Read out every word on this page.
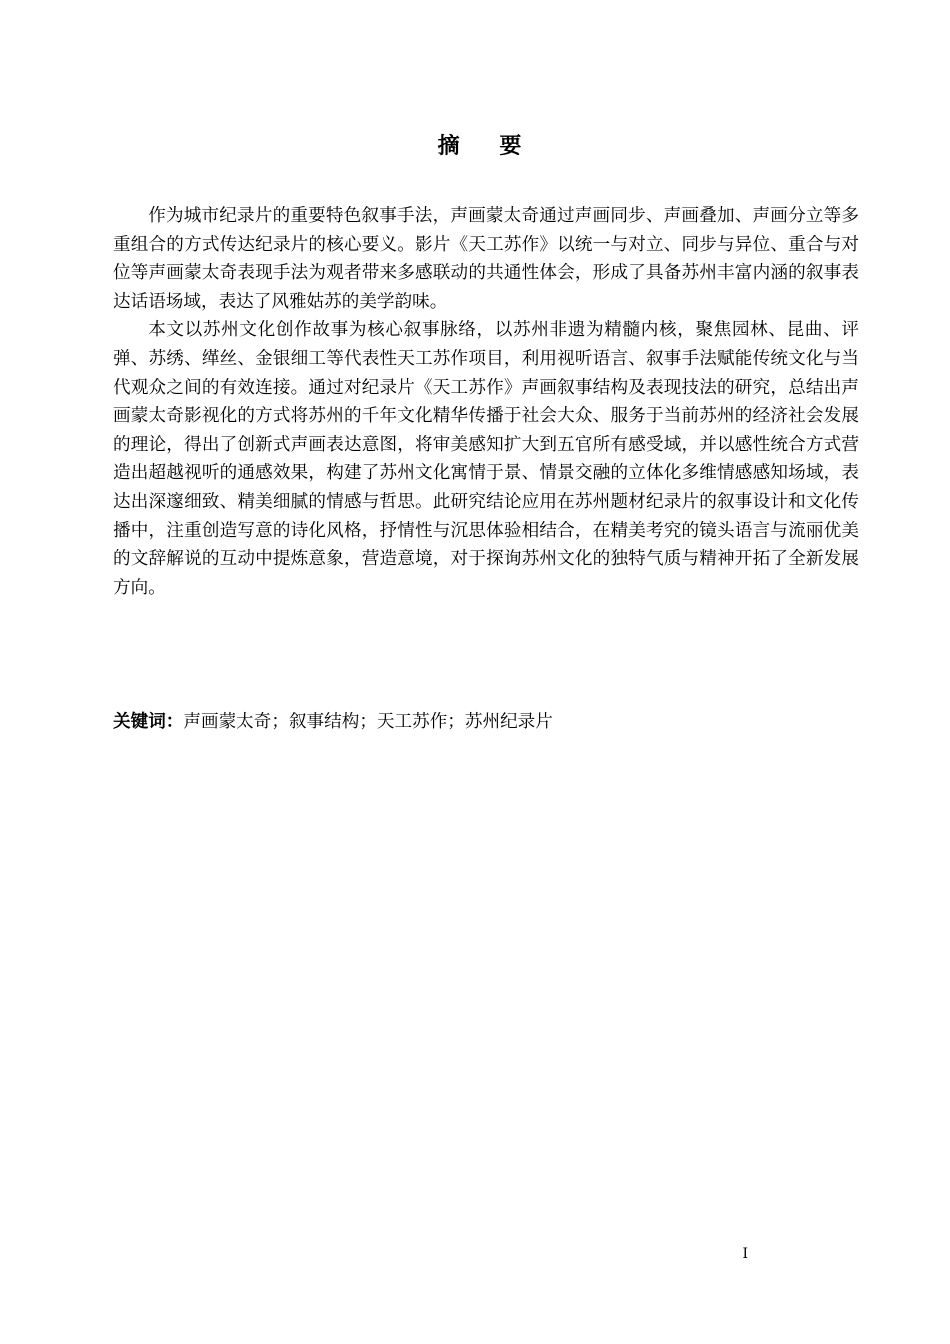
摘 要

作为城市纪录片的重要特色叙事手法，声画蒙太奇通过声画同步、声画叠加、声画分立等多重组合的方式传达纪录片的核心要义。影片《天工苏作》以统一与对立、同步与异位、重合与对位等声画蒙太奇表现手法为观者带来多感联动的共通性体会，形成了具备苏州丰富内涵的叙事表达话语场域，表达了风雅姑苏的美学韵味。

本文以苏州文化创作故事为核心叙事脉络，以苏州非遗为精髓内核，聚焦园林、昆曲、评弹、苏绣、缂丝、金银细工等代表性天工苏作项目，利用视听语言、叙事手法赋能传统文化与当代观众之间的有效连接。通过对纪录片《天工苏作》声画叙事结构及表现技法的研究，总结出声画蒙太奇影视化的方式将苏州的千年文化精华传播于社会大众、服务于当前苏州的经济社会发展的理论，得出了创新式声画表达意图，将审美感知扩大到五官所有感受域，并以感性统合方式营造出超越视听的通感效果，构建了苏州文化寓情于景、情景交融的立体化多维情感感知场域，表达出深邃细致、精美细腻的情感与哲思。此研究结论应用在苏州题材纪录片的叙事设计和文化传播中，注重创造写意的诗化风格，抒情性与沉思体验相结合，在精美考究的镜头语言与流丽优美的文辞解说的互动中提炼意象，营造意境，对于探询苏州文化的独特气质与精神开拓了全新发展方向。

关键词：声画蒙太奇；叙事结构；天工苏作；苏州纪录片
I
